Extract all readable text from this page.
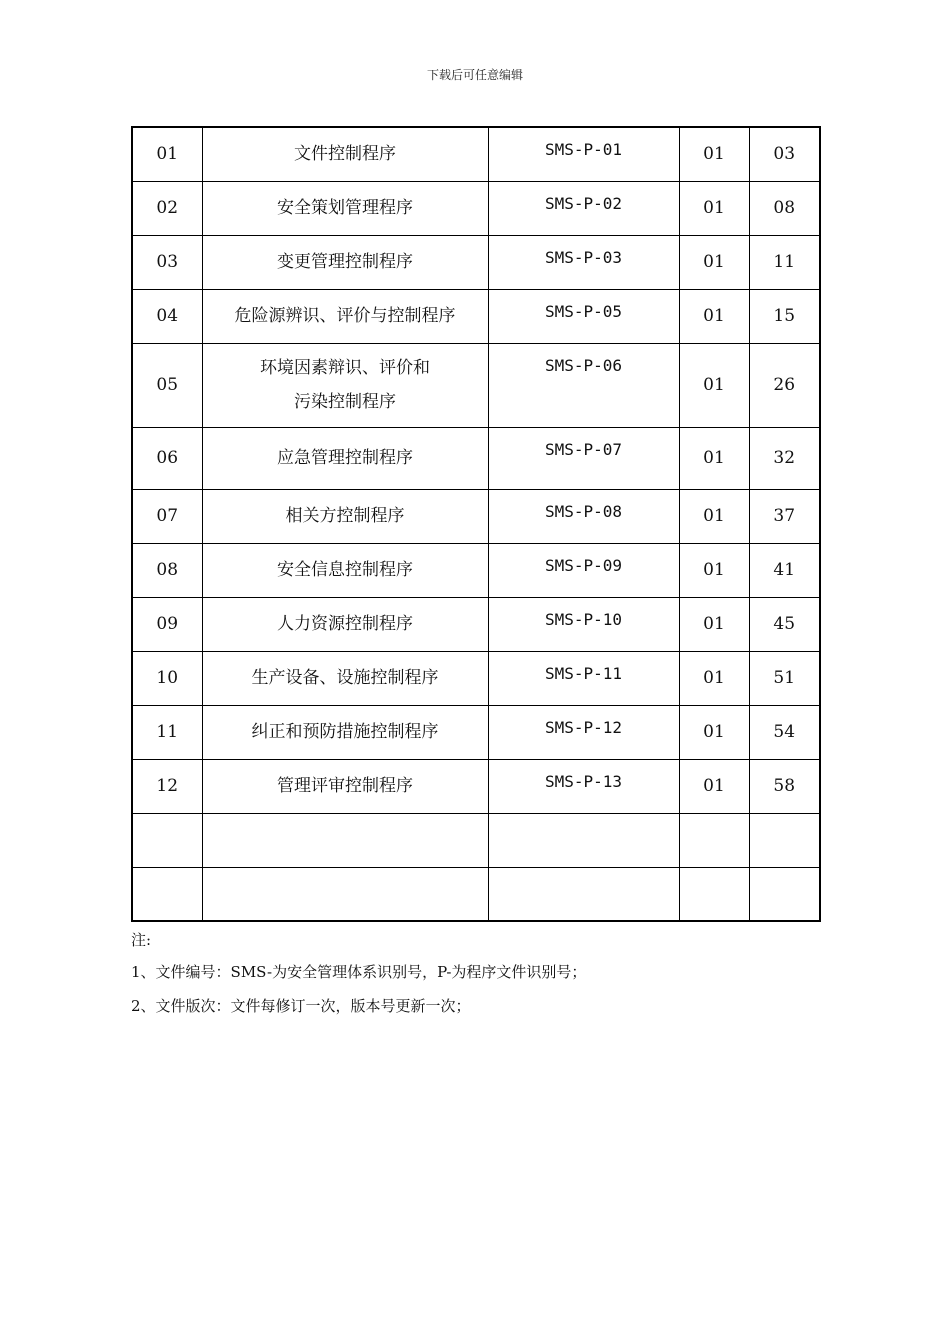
下载后可任意编辑
01	文件控制程序	SMS-P-01	01	03
02	安全策划管理程序	SMS-P-02	01	08
03	变更管理控制程序	SMS-P-03	01	11
04	危险源辨识、评价与控制程序	SMS-P-05	01	15
05	环境因素辩识、评价和
污染控制程序	SMS-P-06	01	26
06	应急管理控制程序	SMS-P-07	01	32
07	相关方控制程序	SMS-P-08	01	37
08	安全信息控制程序	SMS-P-09	01	41
09	人力资源控制程序	SMS-P-10	01	45
10	生产设备、设施控制程序	SMS-P-11	01	51
11	纠正和预防措施控制程序	SMS-P-12	01	54
12	管理评审控制程序	SMS-P-13	01	58

注:
1、文件编号：SMS-为安全管理体系识别号，P-为程序文件识别号；
2、文件版次：文件每修订一次，版本号更新一次；
